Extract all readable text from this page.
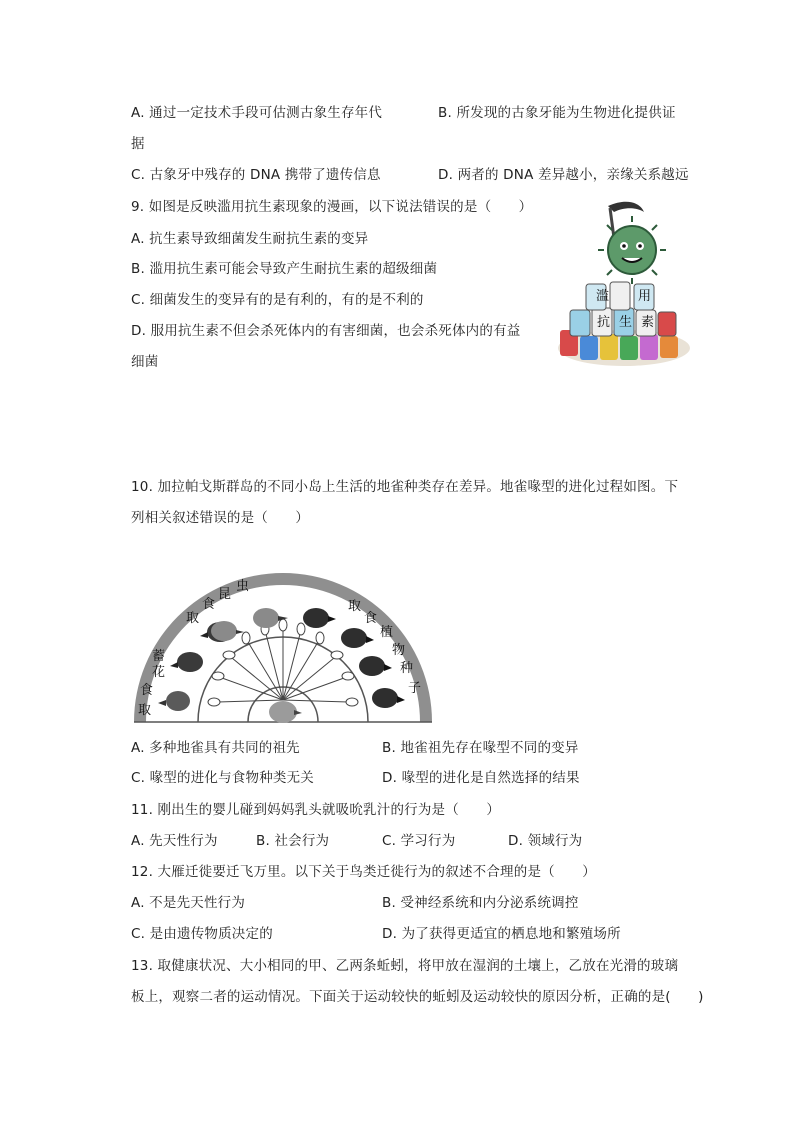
A. 通过一定技术手段可估测古象生存年代	B. 所发现的古象牙能为生物进化提供证
据
C. 古象牙中残存的 DNA 携带了遗传信息	D. 两者的 DNA 差异越小，亲缘关系越远
9. 如图是反映滥用抗生素现象的漫画，以下说法错误的是（　　）
A. 抗生素导致细菌发生耐抗生素的变异
B. 滥用抗生素可能会导致产生耐抗生素的超级细菌
C. 细菌发生的变异有的是有利的，有的是不利的
D. 服用抗生素不但会杀死体内的有害细菌，也会杀死体内的有益
细菌
滥 用
抗 生 素
10. 加拉帕戈斯群岛的不同小岛上生活的地雀种类存在差异。地雀喙型的进化过程如图。下
列相关叙述错误的是（　　）
蓄
花
食
取
取
食
昆
虫
取
食
植
物
种
子
A. 多种地雀具有共同的祖先	B. 地雀祖先存在喙型不同的变异
C. 喙型的进化与食物种类无关	D. 喙型的进化是自然选择的结果
11. 刚出生的婴儿碰到妈妈乳头就吸吮乳汁的行为是（　　）
A. 先天性行为	B. 社会行为	C. 学习行为	D. 领域行为
12. 大雁迁徙要迁飞万里。以下关于鸟类迁徙行为的叙述不合理的是（　　）
A. 不是先天性行为	B. 受神经系统和内分泌系统调控
C. 是由遗传物质决定的	D. 为了获得更适宜的栖息地和繁殖场所
13. 取健康状况、大小相同的甲、乙两条蚯蚓，将甲放在湿润的土壤上，乙放在光滑的玻璃
板上，观察二者的运动情况。下面关于运动较快的蚯蚓及运动较快的原因分析，正确的是(　　)
